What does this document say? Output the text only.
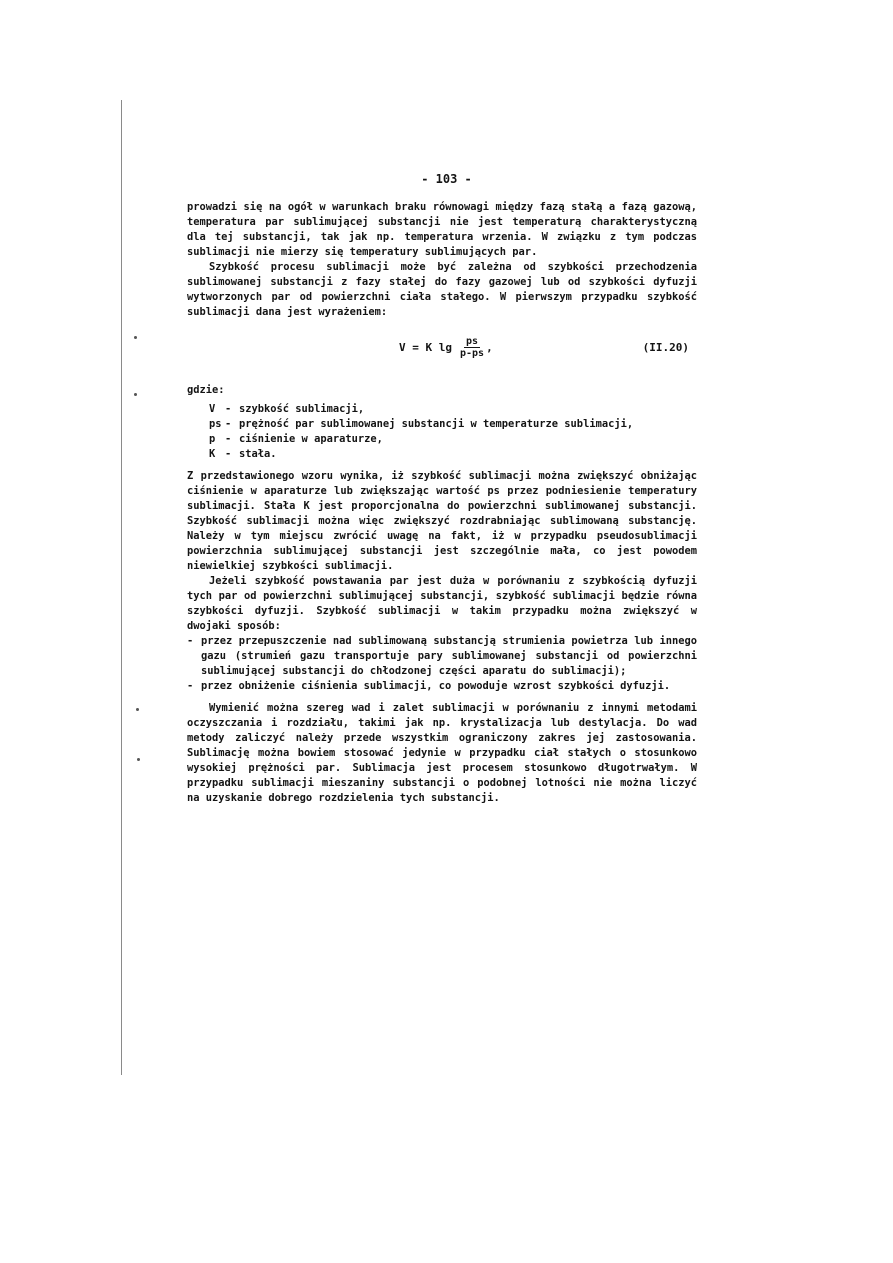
- 103 -

prowadzi się na ogół w warunkach braku równowagi między fazą stałą a fazą gazową, temperatura par sublimującej substancji nie jest temperaturą charakterystyczną dla tej substancji, tak jak np. temperatura wrzenia. W związku z tym podczas sublimacji nie mierzy się temperatury sublimujących par.

Szybkość procesu sublimacji może być zależna od szybkości przechodzenia sublimowanej substancji z fazy stałej do fazy gazowej lub od szybkości dyfuzji wytworzonych par od powierzchni ciała stałego. W pierwszym przypadku szybkość sublimacji dana jest wyrażeniem:

V = K $\lg \frac{ps}{p-ps}$ ,	(II.20)

gdzie:

V - szybkość sublimacji,
ps - prężność par sublimowanej substancji w temperaturze sublimacji,
p - ciśnienie w aparaturze,
K - stała.

Z przedstawionego wzoru wynika, iż szybkość sublimacji można zwiększyć obniżając ciśnienie w aparaturze lub zwiększając wartość ps przez podniesienie temperatury sublimacji. Stała K jest proporcjonalna do powierzchni sublimowanej substancji. Szybkość sublimacji można więc zwiększyć rozdrabniając sublimowaną substancję. Należy w tym miejscu zwrócić uwagę na fakt, iż w przypadku pseudosublimacji powierzchnia sublimującej substancji jest szczególnie mała, co jest powodem niewielkiej szybkości sublimacji.

Jeżeli szybkość powstawania par jest duża w porównaniu z szybkością dyfuzji tych par od powierzchni sublimującej substancji, szybkość sublimacji będzie równa szybkości dyfuzji. Szybkość sublimacji w takim przypadku można zwiększyć w dwojaki sposób:

- przez przepuszczenie nad sublimowaną substancją strumienia powietrza lub innego gazu (strumień gazu transportuje pary sublimowanej substancji od powierzchni sublimującej substancji do chłodzonej części aparatu do sublimacji);
- przez obniżenie ciśnienia sublimacji, co powoduje wzrost szybkości dyfuzji.

Wymienić można szereg wad i zalet sublimacji w porównaniu z innymi metodami oczyszczania i rozdziału, takimi jak np. krystalizacja lub destylacja. Do wad metody zaliczyć należy przede wszystkim ograniczony zakres jej zastosowania. Sublimację można bowiem stosować jedynie w przypadku ciał stałych o stosunkowo wysokiej prężności par. Sublimacja jest procesem stosunkowo długotrwałym. W przypadku sublimacji mieszaniny substancji o podobnej lotności nie można liczyć na uzyskanie dobrego rozdzielenia tych substancji.
